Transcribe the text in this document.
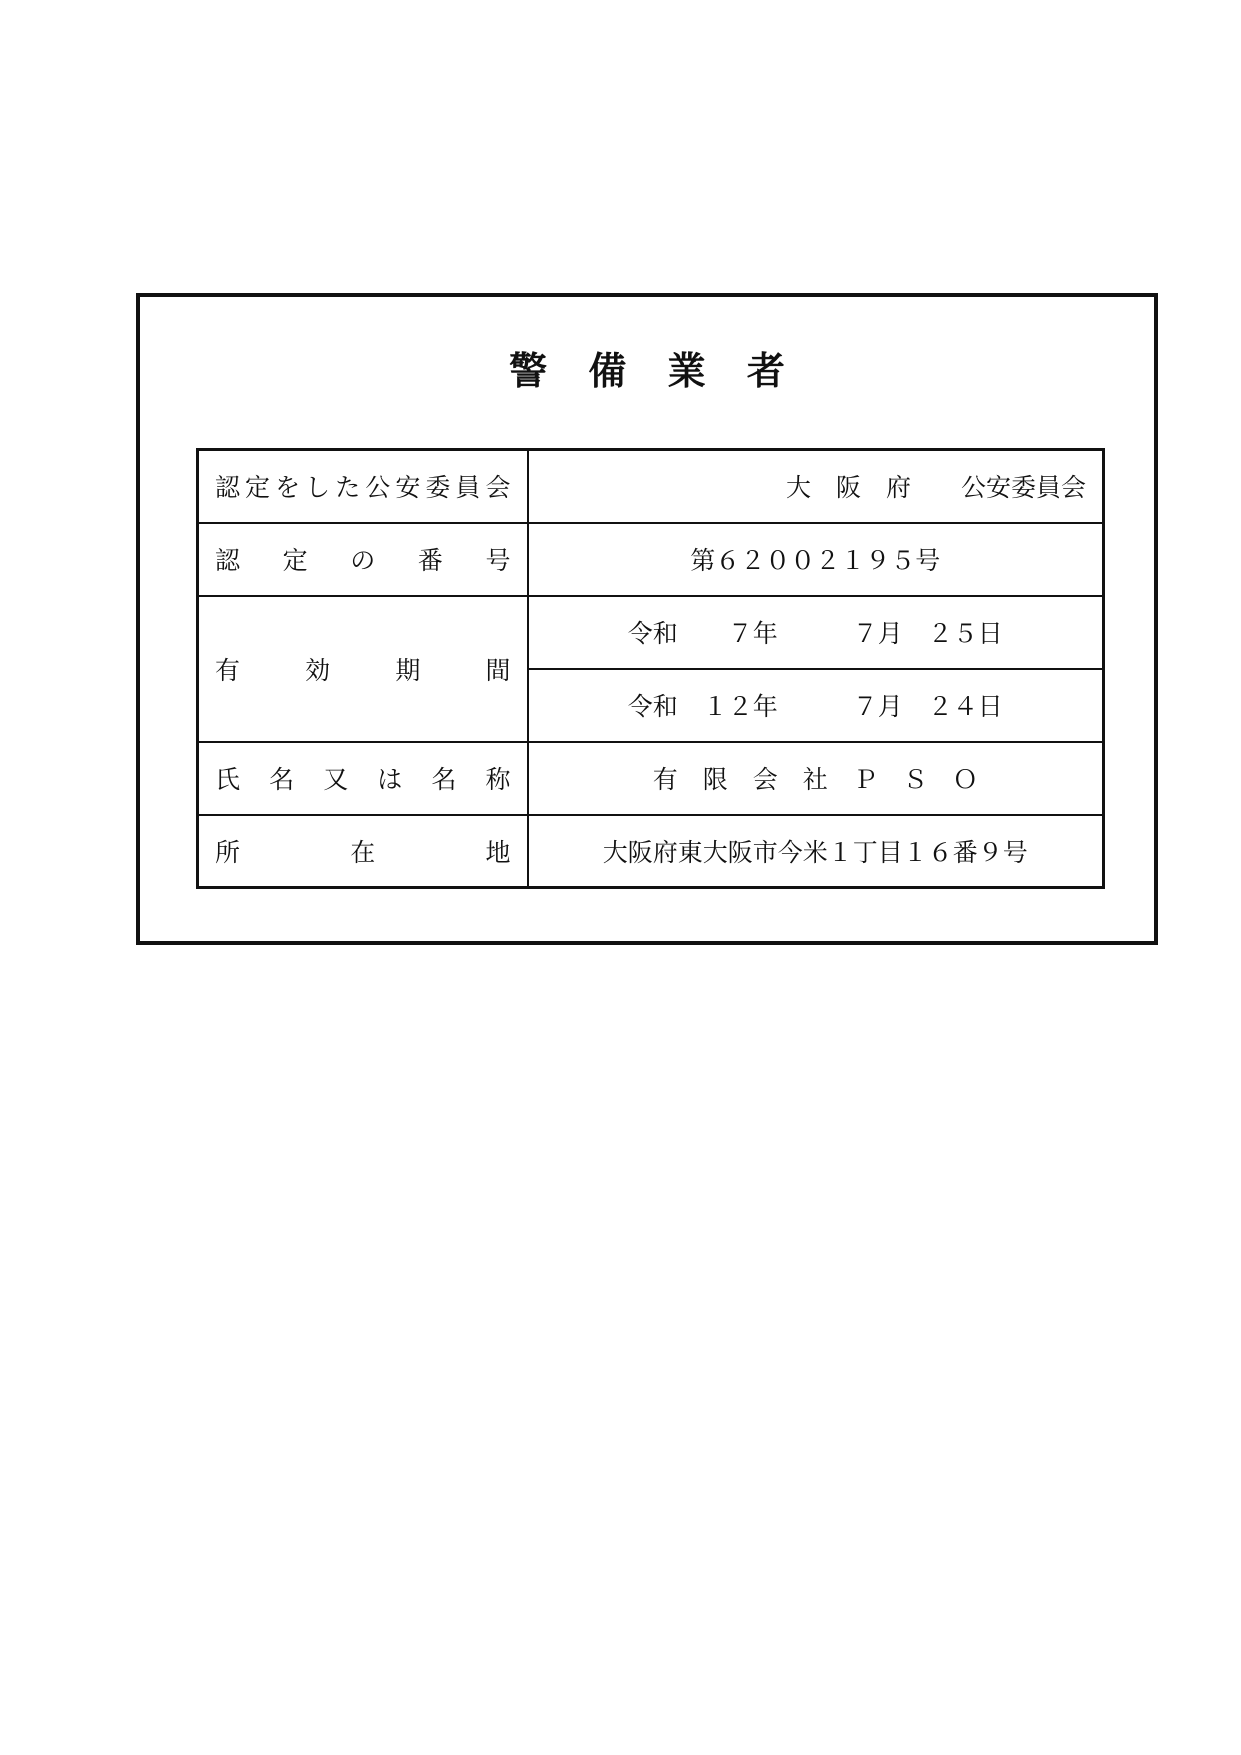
警 備 業 者
認定をした公安委員会	大　阪　府　　公安委員会
認　定　の　番　号	第６２００２１９５号
有　効　期　間	令和　　７年　　　７月　２５日
	令和　１２年　　　７月　２４日
氏 名 又 は 名 称	有　限　会　社　Ｐ　Ｓ　Ｏ
所　　在　　地	大阪府東大阪市今米１丁目１６番９号
